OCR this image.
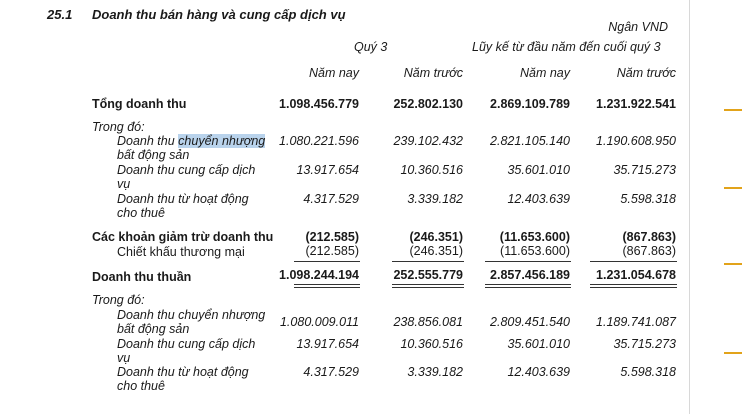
25.1 Doanh thu bán hàng và cung cấp dịch vụ
Ngân VND
Quý 3	Lũy kế từ đầu năm đến cuối quý 3
Năm nay	Năm trước	Năm nay	Năm trước
Tổng doanh thu	1.098.456.779	252.802.130 2.869.109.789 1.231.922.541
Trong đó:
Doanh thu chuyển nhượng
bất động sản
1.080.221.596	239.102.432 2.821.105.140 1.190.608.950
Doanh thu cung cấp dịch
vụ
13.917.654	10.360.516	35.601.010	35.715.273
Doanh thu từ hoạt động
cho thuê
4.317.529	3.339.182	12.403.639	5.598.318
Các khoản giảm trừ doanh thu	(212.585)	(246.351)	(11.653.600)	(867.863)
Chiết khấu thương mại	(212.585)	(246.351)	(11.653.600)	(867.863)
Doanh thu thuần	1.098.244.194	252.555.779 2.857.456.189 1.231.054.678
Trong đó:
Doanh thu chuyển nhượng
bất động sản	1.080.009.011	238.856.081 2.809.451.540 1.189.741.087
Doanh thu cung cấp dịch
vụ
13.917.654	10.360.516	35.601.010	35.715.273
Doanh thu từ hoạt động
cho thuê
4.317.529	3.339.182	12.403.639	5.598.318
